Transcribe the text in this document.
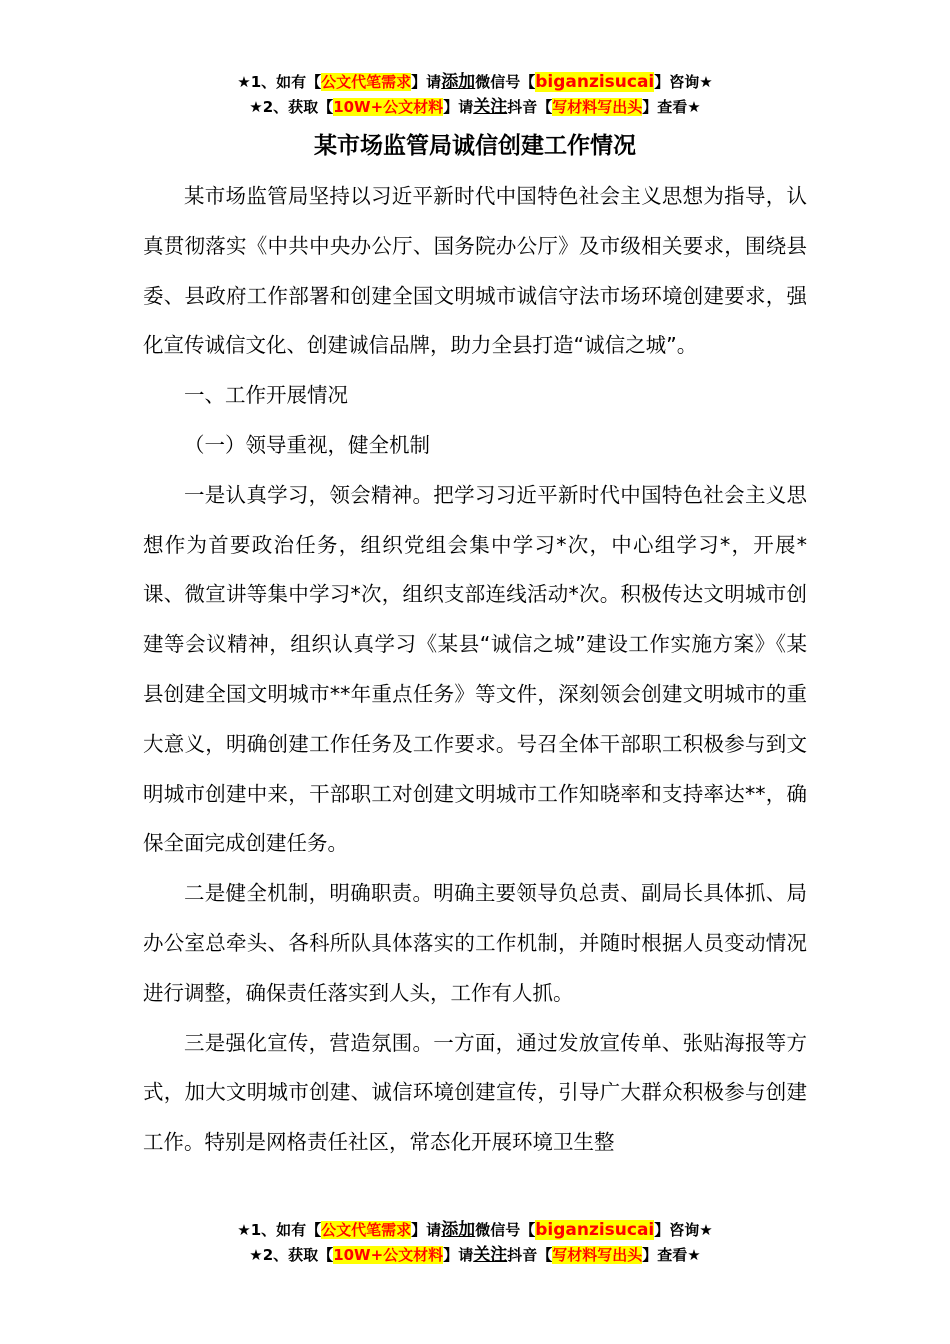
★1、如有【公文代笔需求】请添加微信号【biganzisucai】咨询★
★2、获取【10W+公文材料】请关注抖音【写材料写出头】查看★
某市场监管局诚信创建工作情况

某市场监管局坚持以习近平新时代中国特色社会主义思想为指导，认真贯彻落实《中共中央办公厅、国务院办公厅》及市级相关要求，围绕县委、县政府工作部署和创建全国文明城市诚信守法市场环境创建要求，强化宣传诚信文化、创建诚信品牌，助力全县打造“诚信之城”。

一、工作开展情况

（一）领导重视，健全机制

一是认真学习，领会精神。把学习习近平新时代中国特色社会主义思想作为首要政治任务，组织党组会集中学习*次，中心组学习*，开展*课、微宣讲等集中学习*次，组织支部连线活动*次。积极传达文明城市创建等会议精神，组织认真学习《某县“诚信之城”建设工作实施方案》《某县创建全国文明城市**年重点任务》等文件，深刻领会创建文明城市的重大意义，明确创建工作任务及工作要求。号召全体干部职工积极参与到文明城市创建中来，干部职工对创建文明城市工作知晓率和支持率达**，确保全面完成创建任务。

二是健全机制，明确职责。明确主要领导负总责、副局长具体抓、局办公室总牵头、各科所队具体落实的工作机制，并随时根据人员变动情况进行调整，确保责任落实到人头，工作有人抓。

三是强化宣传，营造氛围。一方面，通过发放宣传单、张贴海报等方式，加大文明城市创建、诚信环境创建宣传，引导广大群众积极参与创建工作。特别是网格责任社区，常态化开展环境卫生整

★1、如有【公文代笔需求】请添加微信号【biganzisucai】咨询★
★2、获取【10W+公文材料】请关注抖音【写材料写出头】查看★
